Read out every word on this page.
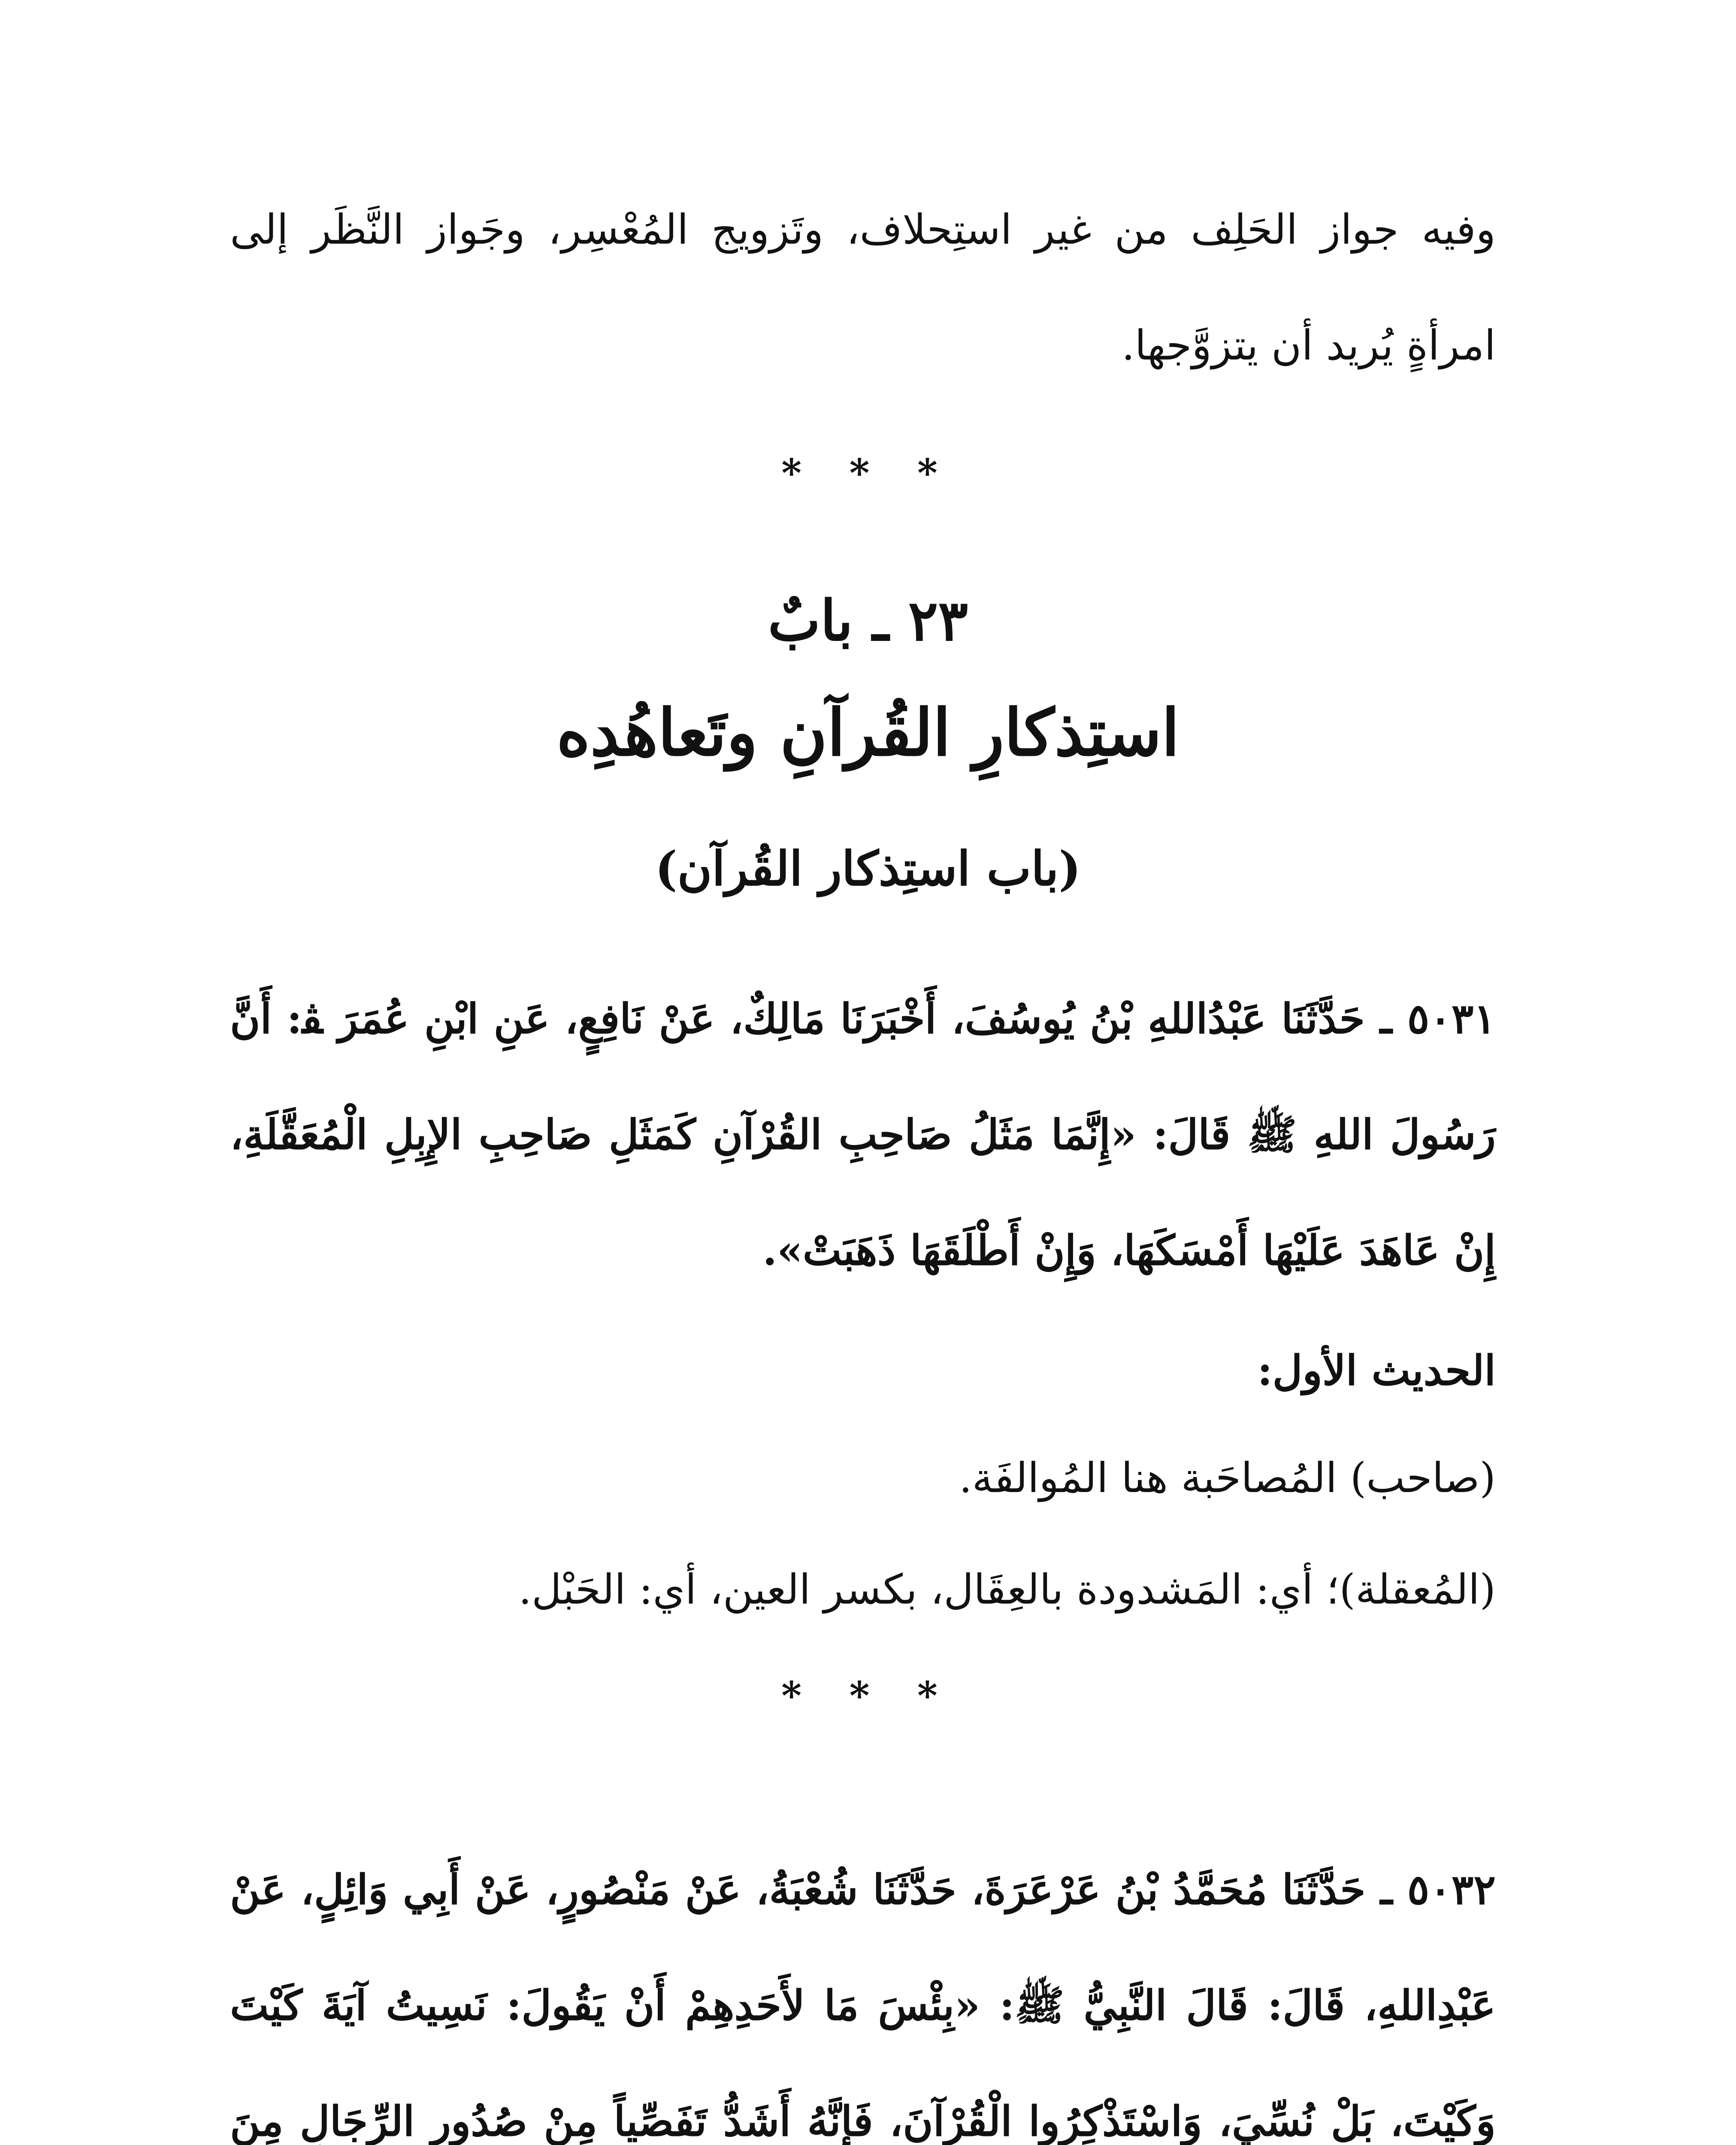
وفيه جواز الحَلِف من غير استِحلاف، وتَزويج المُعْسِر، وجَواز النَّظَر إلى امرأةٍ يُريد أن يتزوَّجها.
* * *
٢٣ ـ بابٌ
استِذكارِ القُرآنِ وتَعاهُدِه
(باب استِذكار القُرآن)
٥٠٣١ ـ حَدَّثَنَا عَبْدُاللهِ بْنُ يُوسُفَ، أَخْبَرَنَا مَالِكٌ، عَنْ نَافِعٍ، عَنِ ابْنِ عُمَرَ ﭭ: أَنَّ رَسُولَ اللهِ ﷺ قَالَ: «إِنَّمَا مَثَلُ صَاحِبِ القُرْآنِ كَمَثَلِ صَاحِبِ الإِبِلِ الْمُعَقَّلَةِ، إِنْ عَاهَدَ عَلَيْهَا أَمْسَكَهَا، وَإِنْ أَطْلَقَهَا ذَهَبَتْ».
الحديث الأول:
(صاحب) المُصاحَبة هنا المُوالفَة.
(المُعقلة)؛ أي: المَشدودة بالعِقَال، بكسر العين، أي: الحَبْل.
* * *
٥٠٣٢ ـ حَدَّثَنَا مُحَمَّدُ بْنُ عَرْعَرَةَ، حَدَّثَنَا شُعْبَةُ، عَنْ مَنْصُورٍ، عَنْ أَبِي وَائِلٍ، عَنْ عَبْدِاللهِ، قَالَ: قَالَ النَّبِيُّ ﷺ: «بِئْسَ مَا لأَحَدِهِمْ أَنْ يَقُولَ: نَسِيتُ آيَةَ كَيْتَ وَكَيْتَ، بَلْ نُسِّيَ، وَاسْتَذْكِرُوا الْقُرْآنَ، فَإِنَّهُ أَشَدُّ تَفَصِّياً مِنْ صُدُورِ الرِّجَالِ مِنَ
